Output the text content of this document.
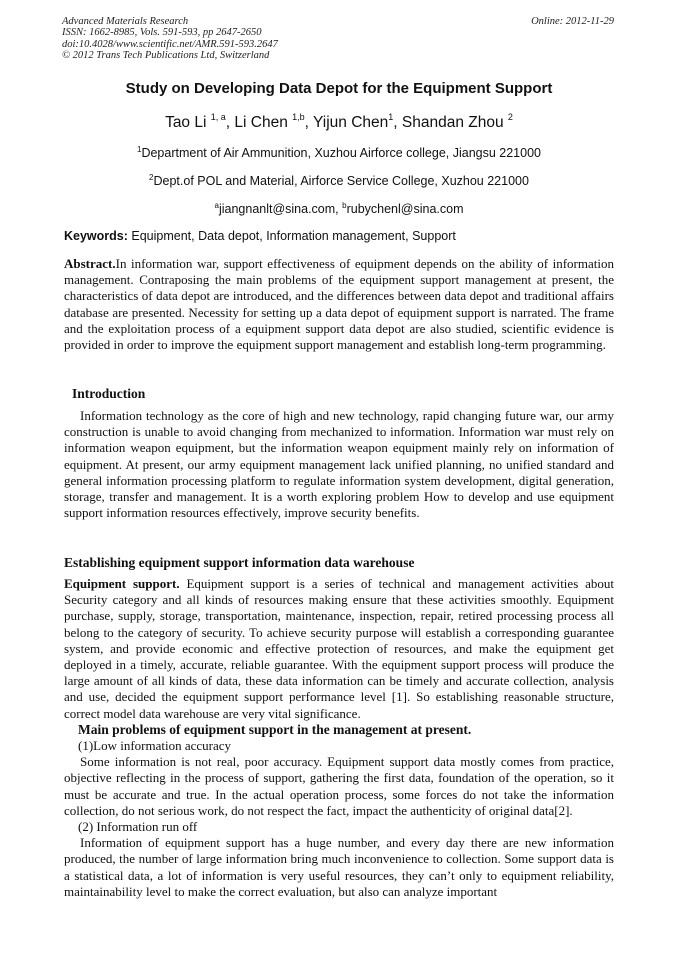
Advanced Materials Research
ISSN: 1662-8985, Vols. 591-593, pp 2647-2650
doi:10.4028/www.scientific.net/AMR.591-593.2647
© 2012 Trans Tech Publications Ltd, Switzerland
Online: 2012-11-29
Study on Developing Data Depot for the Equipment Support
Tao Li $^{1, a}$, Li Chen $^{1,b}$, Yijun Chen$^1$, Shandan Zhou $^2$
$^1$Department of Air Ammunition, Xuzhou Airforce college, Jiangsu 221000
$^2$Dept.of POL and Material, Airforce Service College, Xuzhou 221000
$^a$jiangnanlt@sina.com, $^b$rubychenl@sina.com
Keywords: Equipment, Data depot, Information management, Support

Abstract.In information war, support effectiveness of equipment depends on the ability of information management. Contraposing the main problems of the equipment support management at present, the characteristics of data depot are introduced, and the differences between data depot and traditional affairs database are presented. Necessity for setting up a data depot of equipment support is narrated. The frame and the exploitation process of a equipment support data depot are also studied, scientific evidence is provided in order to improve the equipment support management and establish long-term programming.

Introduction

Information technology as the core of high and new technology, rapid changing future war, our army construction is unable to avoid changing from mechanized to information. Information war must rely on information weapon equipment, but the information weapon equipment mainly rely on information of equipment. At present, our army equipment management lack unified planning, no unified standard and general information processing platform to regulate information system development, digital generation, storage, transfer and management. It is a worth exploring problem How to develop and use equipment support information resources effectively, improve security benefits.

Establishing equipment support information data warehouse

Equipment support. Equipment support is a series of technical and management activities about Security category and all kinds of resources making ensure that these activities smoothly. Equipment purchase, supply, storage, transportation, maintenance, inspection, repair, retired processing process all belong to the category of security. To achieve security purpose will establish a corresponding guarantee system, and provide economic and effective protection of resources, and make the equipment get deployed in a timely, accurate, reliable guarantee. With the equipment support process will produce the large amount of all kinds of data, these data information can be timely and accurate collection, analysis and use, decided the equipment support performance level [1]. So establishing reasonable structure, correct model data warehouse are very vital significance.

Main problems of equipment support in the management at present.

(1)Low information accuracy

Some information is not real, poor accuracy. Equipment support data mostly comes from practice, objective reflecting in the process of support, gathering the first data, foundation of the operation, so it must be accurate and true. In the actual operation process, some forces do not take the information collection, do not serious work, do not respect the fact, impact the authenticity of original data[2].

(2) Information run off

Information of equipment support has a huge number, and every day there are new information produced, the number of large information bring much inconvenience to collection. Some support data is a statistical data, a lot of information is very useful resources, they can’t only to equipment reliability, maintainability level to make the correct evaluation, but also can analyze important
